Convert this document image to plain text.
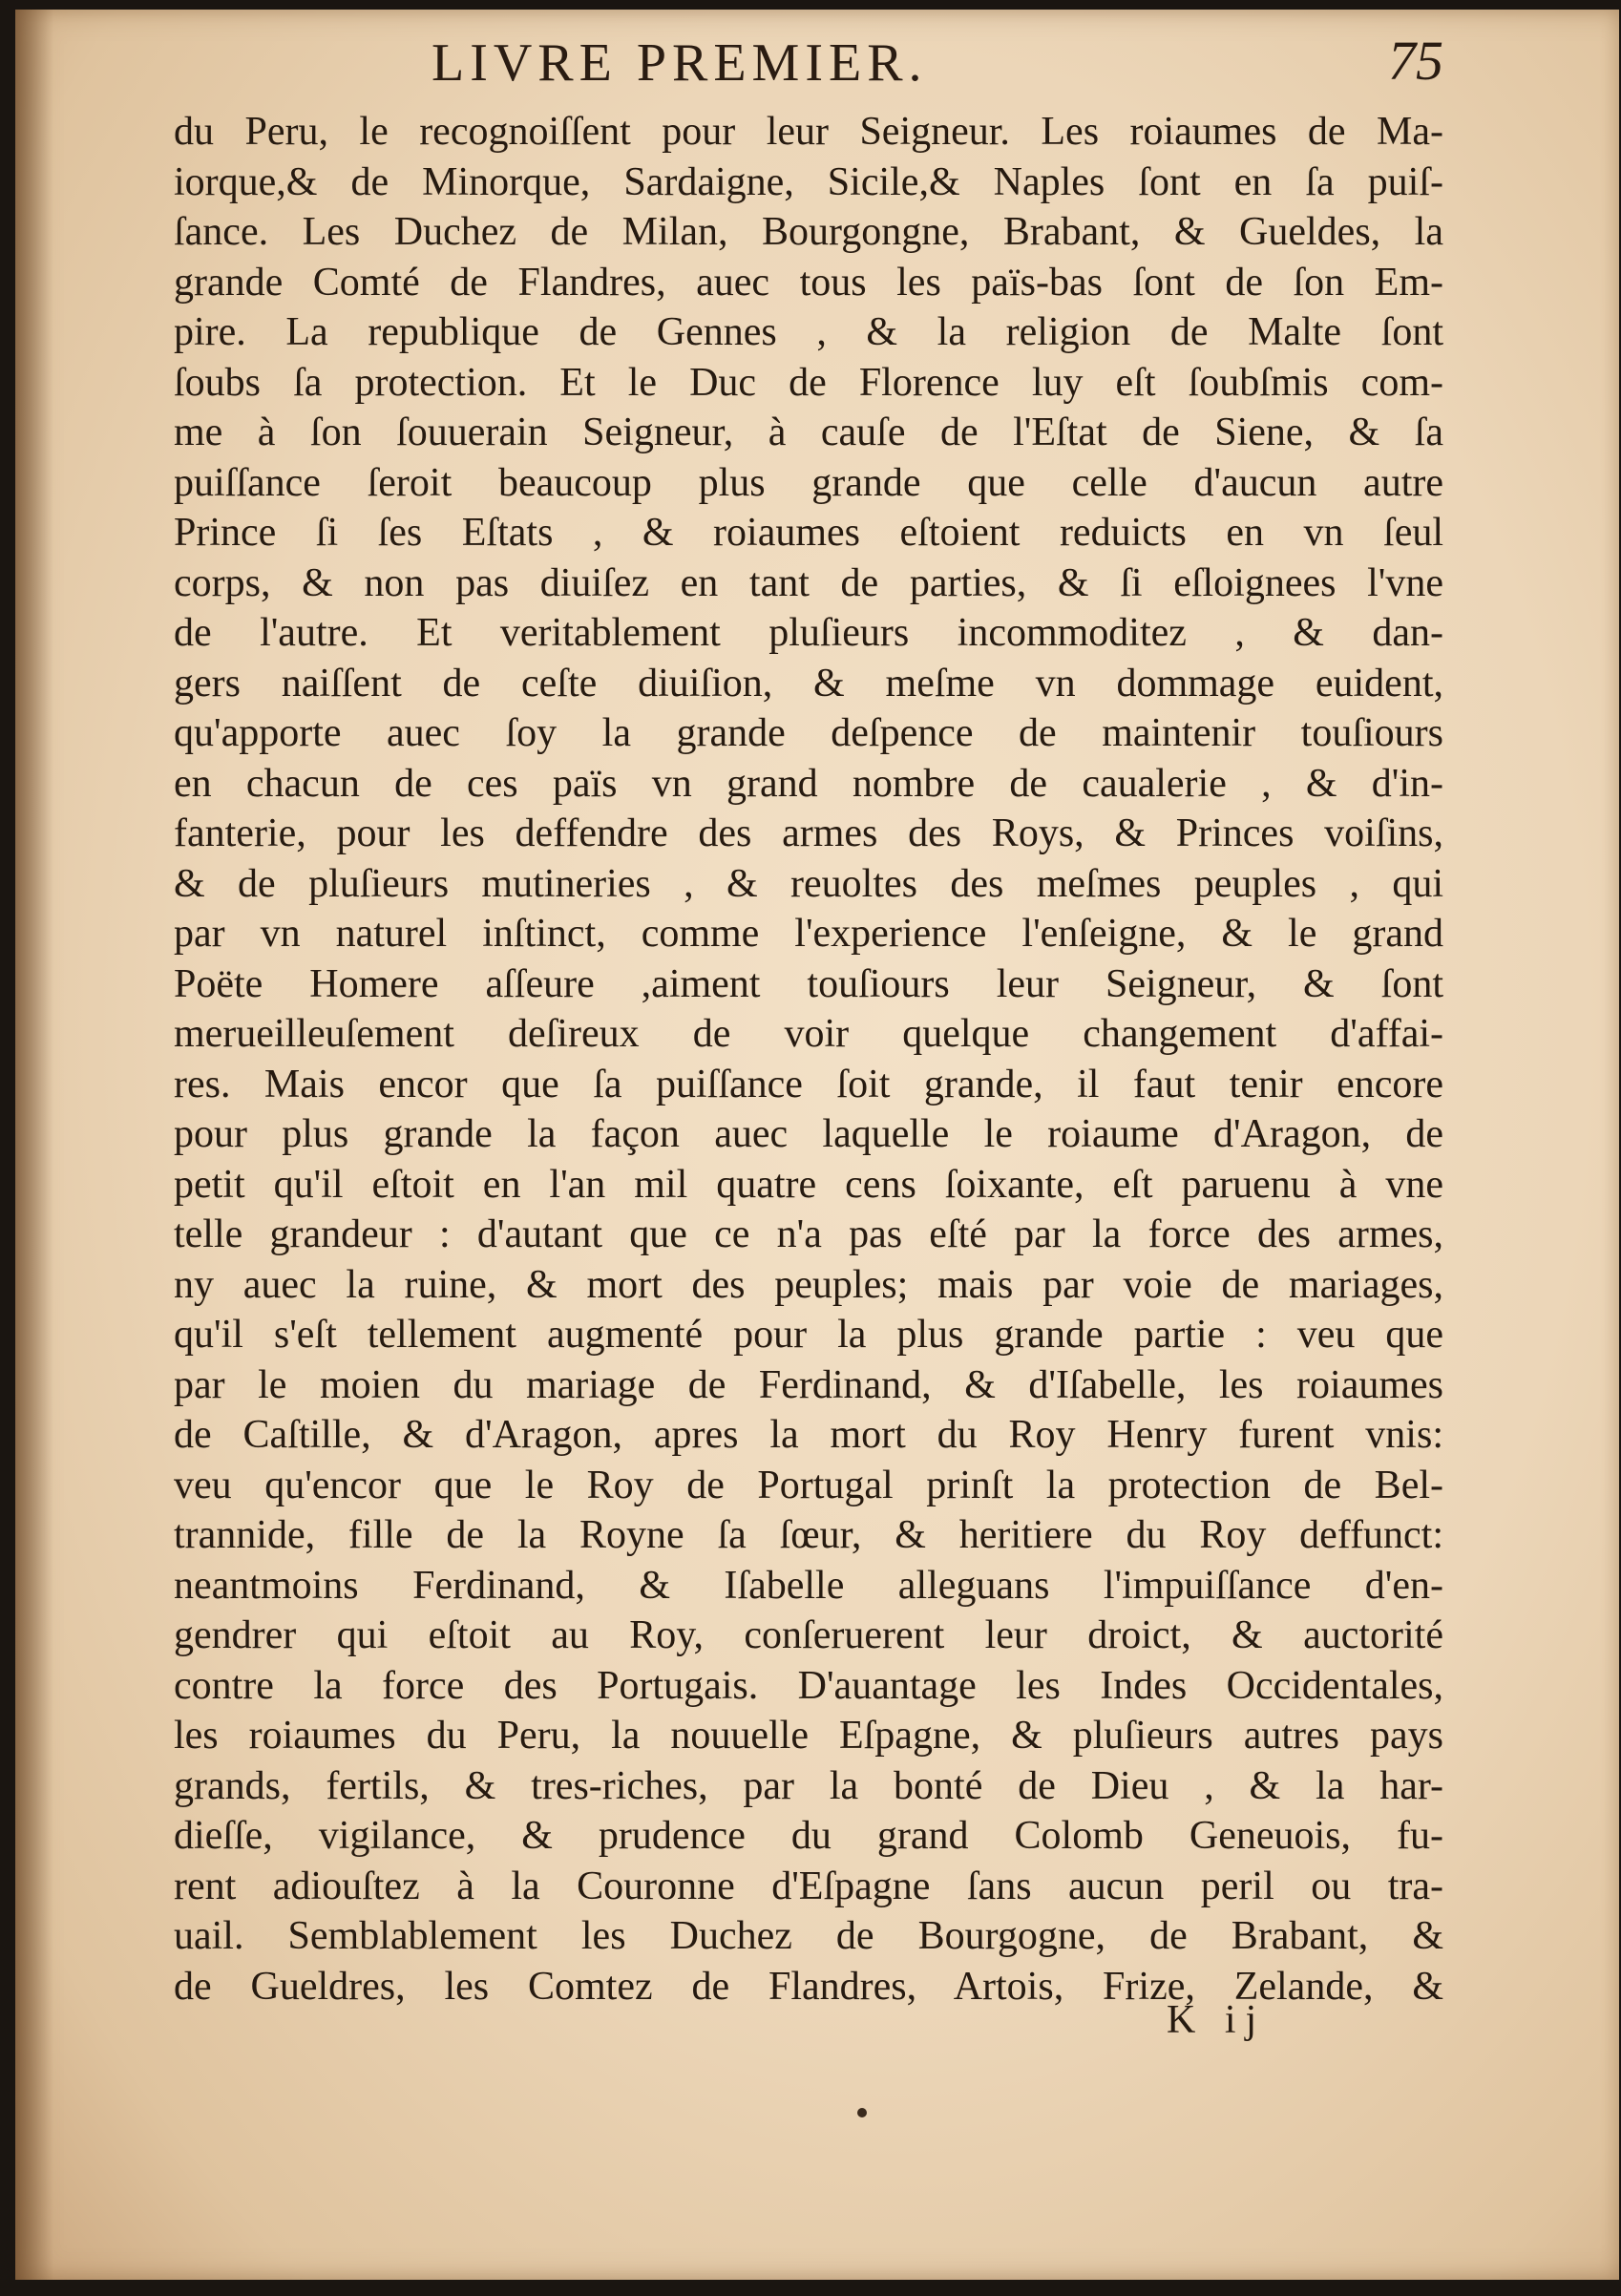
LIVRE PREMIER.	75
du Peru, le recognoiſſent pour leur Seigneur. Les roiaumes de Ma-
iorque,& de Minorque, Sardaigne, Sicile,& Naples ſont en ſa puiſ-
ſance. Les Duchez de Milan, Bourgongne, Brabant, & Gueldes, la
grande Comté de Flandres, auec tous les païs-bas ſont de ſon Em-
pire. La republique de Gennes , & la religion de Malte ſont
ſoubs ſa protection. Et le Duc de Florence luy eſt ſoubſmis com-
me à ſon ſouuerain Seigneur, à cauſe de l'Eſtat de Siene, & ſa
puiſſance ſeroit beaucoup plus grande que celle d'aucun autre
Prince ſi ſes Eſtats , & roiaumes eſtoient reduicts en vn ſeul
corps, & non pas diuiſez en tant de parties, & ſi eſloignees l'vne
de l'autre. Et veritablement pluſieurs incommoditez , & dan-
gers naiſſent de ceſte diuiſion, & meſme vn dommage euident,
qu'apporte auec ſoy la grande deſpence de maintenir touſiours
en chacun de ces païs vn grand nombre de caualerie , & d'in-
fanterie, pour les deffendre des armes des Roys, & Princes voiſins,
& de pluſieurs mutineries , & reuoltes des meſmes peuples , qui
par vn naturel inſtinct, comme l'experience l'enſeigne, & le grand
Poëte Homere aſſeure ,aiment touſiours leur Seigneur, & ſont
merueilleuſement deſireux de voir quelque changement d'affai-
res. Mais encor que ſa puiſſance ſoit grande, il faut tenir encore
pour plus grande la façon auec laquelle le roiaume d'Aragon, de
petit qu'il eſtoit en l'an mil quatre cens ſoixante, eſt paruenu à vne
telle grandeur : d'autant que ce n'a pas eſté par la force des armes,
ny auec la ruine, & mort des peuples; mais par voie de mariages,
qu'il s'eſt tellement augmenté pour la plus grande partie : veu que
par le moien du mariage de Ferdinand, & d'Iſabelle, les roiaumes
de Caſtille, & d'Aragon, apres la mort du Roy Henry furent vnis:
veu qu'encor que le Roy de Portugal prinſt la protection de Bel-
trannide, fille de la Royne ſa ſœur, & heritiere du Roy deffunct:
neantmoins Ferdinand, & Iſabelle alleguans l'impuiſſance d'en-
gendrer qui eſtoit au Roy, conſeruerent leur droict, & auctorité
contre la force des Portugais. D'auantage les Indes Occidentales,
les roiaumes du Peru, la nouuelle Eſpagne, & pluſieurs autres pays
grands, fertils, & tres-riches, par la bonté de Dieu , & la har-
dieſſe, vigilance, & prudence du grand Colomb Geneuois, fu-
rent adiouſtez à la Couronne d'Eſpagne ſans aucun peril ou tra-
uail. Semblablement les Duchez de Bourgogne, de Brabant, &
de Gueldres, les Comtez de Flandres, Artois, Frize, Zelande, &
K ij
